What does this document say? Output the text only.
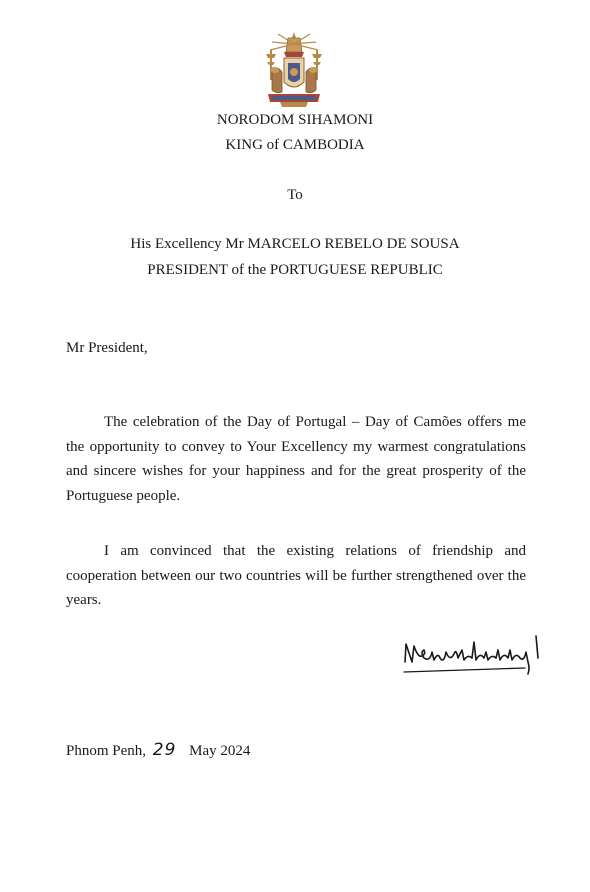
NORODOM SIHAMONI
KING of CAMBODIA
To
His Excellency Mr MARCELO REBELO DE SOUSA
PRESIDENT of the PORTUGUESE REPUBLIC
Mr President,

The celebration of the Day of Portugal – Day of Camões offers me the opportunity to convey to Your Excellency my warmest congratulations and sincere wishes for your happiness and for the great prosperity of the Portuguese people.

I am convinced that the existing relations of friendship and cooperation between our two countries will be further strengthened over the years.

Phnom Penh, 29 May 2024
